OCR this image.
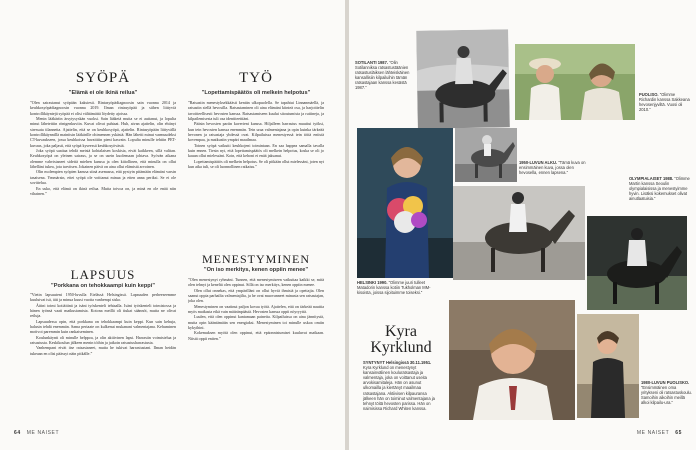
SYÖPÄ
”Elämä ei ole ikinä reilua”

”Olen sairastanut syöpään kaksiesti. Rintasyöpädiagnoosin sain vuonna 2014 ja keuhkosyöpädiagnoosin vuonna 2019. Ilman rintasyöpää ja siihen liittyviä kontrollikäyntejä syöpää ei olisi välttämättä löydetty ajoissa.

Menin lääkäriin ärsytysyskän vuoksi. Sain lääketä mutta se ei auttanut, ja lopulta minut lähetettiin röntgenkuviin. Kuvat olivat puhtaat. Huh, aivan ajattelin, olin ehtinyt stressata tilannetta. Ajattelin, että se on keuhkosyöpä, ajattelin. Rintasyöpään liittyvällä kontrollikäynnillä mainitsin lääkärille ohimennen yskästä. Hän lähetti minut varmuudeksi CT-kuvaukseen, jossa keuhkoissa havaittiin pieni kasvain. Lopulta minulle tehtiin PET-kuvaus, joka paljasti, että syöpä kyseessä keuhkosyövästä.

Joka syöpä saattaa tehdä meistä kohtalaisen koskisia, eivät kaikkeen, sillä valitan. Keuhkosyöpä on yleinen sairaus, ja se on usein kuolemaan johtava. Syövän aikana olemme vahvistaneet sidettä miehen kanssa ja olen kiitollinen, että minulla on ollut lähelläni tukea, jota tarvitsen. Jokainen päivä on aina ollut elämistä arvoinen.

Olin molempien syöpien kanssa siinä asemassa, että pystyin pitämään elämäni varsin tasaisena. Ymmärsin, ettei syöpä ole voittanut minua ja etten anna periksi. Se ei ole sovittelua.

En usko, että elämä on ikinä reilua. Mutta toivoa on, ja minä en ole enää niin vihainen.”

TYÖ
”Lopettamispäätös oli melkein helpotus”

”Ratsastin menestyksekkäästi kentän ulkopuolella. Se tapahtui Linnanmäellä, ja ratsastin siellä hevosilla. Ratsastaminen oli aina elämäni kiinteä osa, ja harjoittelin tavoitteellisesti hevosten kanssa. Ratsastamiseen kuului sitoutumista ja rutiineja, ja kilpailemisesta tuli osa identiteettiäni.

Pääsin hevosten pariin kaverieni kanssa. Hiljalleen harrastus muuttui työksi, kun tein hevosten kanssa enemmän. Tein uraa valmentajana ja opin kuinka tärkeää hevonen ja ratsastaja yhdessä ovat. Kilpailuissa menestyessä tein töitä entistä kovempaa, ja matkustin ympäri maailmaa.

Toinen syöpä vaikutti keuhkojeni toimintaan. En saa happea samalla tavalla kuin ennen. Tiesin nyt, että lopettamispäätös oli melkein helpotus, koska se oli jo kauan ollut mielessäni. Koin, että kehoni ei enää jaksanut.

Lopettamispäätös oli melkein helpotus. Se oli pitkään ollut mielessäni, joten nyt kun aika tuli, se oli luonnollinen ratkaisu.”

LAPSUUS
”Porkkana on tehokkaampi kuin keppi”

”Vietin lapsuuteni 1950-luvulla Etelässä Helsingissä. Lapsuuden perheeseemme kuuluivat isä, äiti ja minua kuusi vuotta vanhempi sisko.

Äitini toimi kotiäitinä ja isäni työskenteli tehtaalla. Isäni työskenteli toimistossa ja hänen työnsä vaati matkustamista. Kotona meillä oli tiukat säännöt, mutta ne olivat reiluja.

Lapsuudessa opin, että porkkana on tehokkaampi kuin keppi. Kun sain kehuja, halusin tehdä enemmän. Sama periaate on kulkenut mukanani valmentajana. Kehuminen motivoi paremmin kuin rankaiseminen.

Koulunkäynti oli minulle helppoa, ja olin aktiivinen lapsi. Harrastin voimistelua ja ratsastusta. Keskikoulun jälkeen menin töihin ja jatkoin ratsastusharrastusta.

Vanhempani eivät itse ratsastaneet, mutta he tukivat harrastustani. Ilman heidän tukeaan en olisi päässyt näin pitkälle.”

MENESTYMINEN
”On iso merkitys, kenen oppiin menee”

”Olen menestynyt ryhmäni. Tunnen, että menestymiseen vaikuttaa kaikki se, mitä olen tehnyt ja keneltä olen oppinut. Sillä on iso merkitys, kenen oppiin menee.

Olen ollut onnekas, että ympärilläni on ollut hyviä ihmisiä ja opettajia. Olen saanut oppia parhailta valmentajilta, ja he ovat muovanneet minusta sen ratsastajan, joka olen.

Menestyminen on vaatinut paljon kovaa työtä. Ajattelen, että on tärkeää nauttia myös matkasta eikä vain määränpäästä. Hevosten kanssa oppii nöyryyttä.

Luulen, että olen oppinut kantamaan paineita. Kilpailuissa on aina jännitystä, mutta opin kääntämään sen energiaksi. Menestyminen toi minulle uskoa omiin kykyihini.

Kokemuksen myötä olen oppinut, että epäonnistumiset kuuluvat matkaan. Niistä oppii eniten.”

64 ME NAISET
PUOLISO. ”Olimme Richardin kanssa Sakkeana hevosenjyviltä. Vuosi oli 2010.”
SOTILANTI 1987. ”Olin Sotilanniksa ratsastustäänien ratsastusläiksen lähteiskäinen kansallisiin kilpailuihin tämän ratsastajaan kanssa kesästä 1987.”
1950-LUVUN ALKU. ”Tämä kuva on ensimmäinen kuva, jossa olen hevosella, ennen lapsena.”
OLYMPIALAISET 1988. ”Olimme Martin kanssa Seoulin olympialaisissa ja menestyimme hyvin. Lisäksi kokemukset olivat ainutlaatuisia.”
HELSINKI 1990. ”Olimme juuri tulleet Matadorin kanssa kotiin Tukholman MM-kisoista, joissa sijoituimme toiseksi.”
Kyra
Kyrklund
SYNTYNYT Helsingissä 30.11.1951. Kyra Kyrklund on menestynyt kansainvälinen kouluratsastaja ja valmentaja, joka on voittanut useita arvokisamitaleja. Hän on asunut ulkomailla ja kiertänyt maailmaa ratsastajana. Aktiivisen kilpauransa jälkeen hän on toiminut valmentajana ja tehnyt töitä hevosten parissa. Hän on naimisissa Richard Whiten kanssa.
1980-LUVUN PUOLISKO. ”Ensimmäinen oma yritykseni oli ratsastuskoulu. Samoihin aikoihin meillä alkoi kilpailu-ura.”
ME NAISET 65
